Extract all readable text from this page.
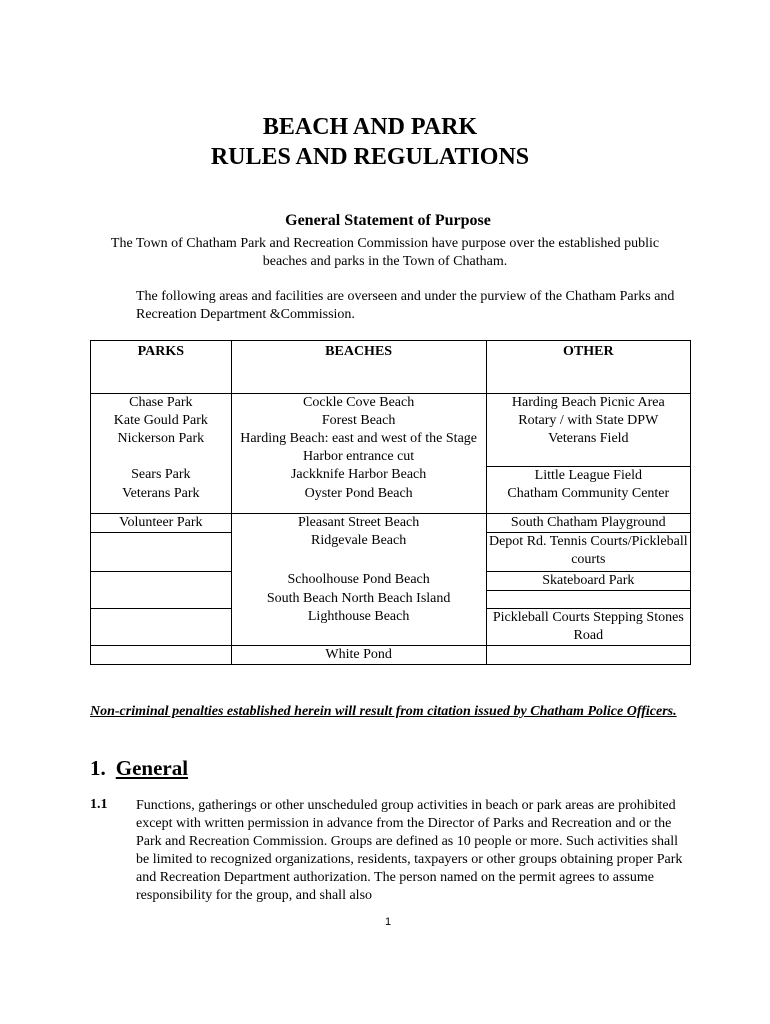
BEACH AND PARK
RULES AND REGULATIONS
General Statement of Purpose
The Town of Chatham Park and Recreation Commission have purpose over the established public beaches and parks in the Town of Chatham.
The following areas and facilities are overseen and under the purview of the Chatham Parks and Recreation Department &Commission.
PARKS	BEACHES	OTHER
Chase Park	Cockle Cove Beach	Harding Beach Picnic Area
Kate Gould Park	Forest Beach	Rotary / with State DPW
Nickerson Park	Harding Beach: east and west of the Stage Harbor entrance cut	Veterans Field
Sears Park	Jackknife Harbor Beach	Little League Field
Veterans Park	Oyster Pond Beach	Chatham Community Center
Volunteer Park	Pleasant Street Beach	South Chatham Playground
	Ridgevale Beach	Depot Rd. Tennis Courts/Pickleball courts
	Schoolhouse Pond Beach	Skateboard Park
	South Beach North Beach Island	
	Lighthouse Beach	Pickleball Courts Stepping Stones Road
	White Pond	
Non-criminal penalties established herein will result from citation issued by Chatham Police Officers.
1. General
1.1 Functions, gatherings or other unscheduled group activities in beach or park areas are prohibited except with written permission in advance from the Director of Parks and Recreation and or the Park and Recreation Commission. Groups are defined as 10 people or more. Such activities shall be limited to recognized organizations, residents, taxpayers or other groups obtaining proper Park and Recreation Department authorization. The person named on the permit agrees to assume responsibility for the group, and shall also
1
